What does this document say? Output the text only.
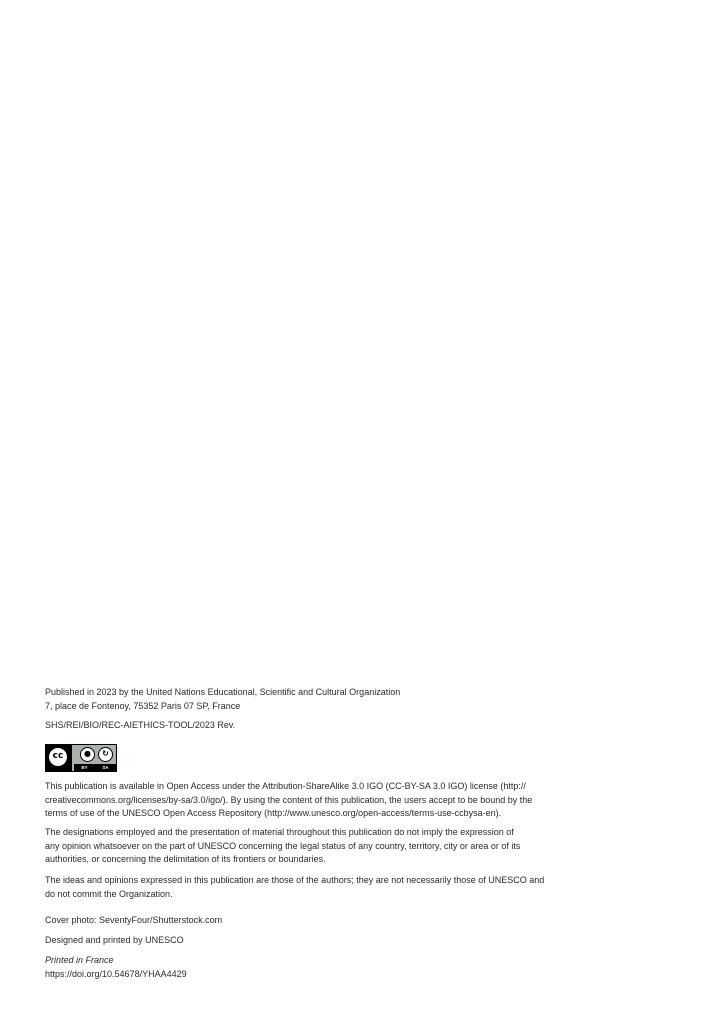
Published in 2023 by the United Nations Educational, Scientific and Cultural Organization

7, place de Fontenoy, 75352 Paris 07 SP, France

SHS/REI/BIO/REC-AIETHICS-TOOL/2023 Rev.

cc	●	↻
BY	SA

This publication is available in Open Access under the Attribution-ShareAlike 3.0 IGO (CC-BY-SA 3.0 IGO) license (http://

creativecommons.org/licenses/by-sa/3.0/igo/). By using the content of this publication, the users accept to be bound by the

terms of use of the UNESCO Open Access Repository (http://www.unesco.org/open-access/terms-use-ccbysa-en).

The designations employed and the presentation of material throughout this publication do not imply the expression of

any opinion whatsoever on the part of UNESCO concerning the legal status of any country, territory, city or area or of its

authorities, or concerning the delimitation of its frontiers or boundaries.

The ideas and opinions expressed in this publication are those of the authors; they are not necessarily those of UNESCO and

do not commit the Organization.

Cover photo: SeventyFour/Shutterstock.com

Designed and printed by UNESCO

Printed in France

https://doi.org/10.54678/YHAA4429
